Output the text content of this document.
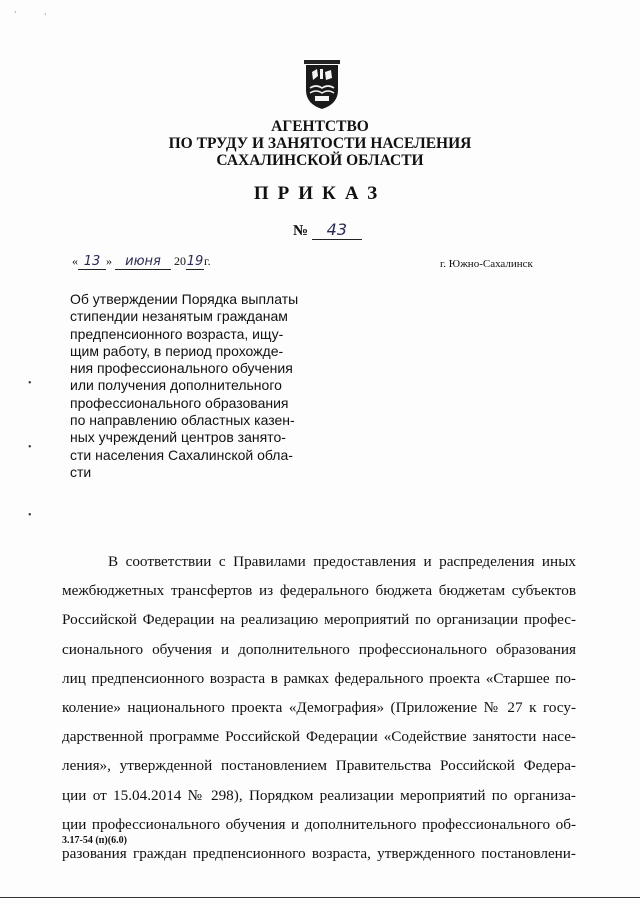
АГЕНТСТВО
ПО ТРУДУ И ЗАНЯТОСТИ НАСЕЛЕНИЯ
САХАЛИНСКОЙ ОБЛАСТИ
ПРИКАЗ
№ 43
« 13 » июня 2019г.	г. Южно-Сахалинск
Об утверждении Порядка выплаты
стипендии незанятым гражданам
предпенсионного возраста, ищу-
щим работу, в период прохожде-
ния профессионального обучения
или получения дополнительного
профессионального образования
по направлению областных казен-
ных учреждений центров занято-
сти населения Сахалинской обла-
сти
·	·
•
•
•
В соответствии с Правилами предоставления и распределения иных
межбюджетных трансфертов из федерального бюджета бюджетам субъектов
Российской Федерации на реализацию мероприятий по организации профес-
сионального обучения и дополнительного профессионального образования
лиц предпенсионного возраста в рамках федерального проекта «Старшее по-
коление» национального проекта «Демография» (Приложение № 27 к госу-
дарственной программе Российской Федерации «Содействие занятости насе-
ления», утвержденной постановлением Правительства Российской Федера-
ции от 15.04.2014 № 298), Порядком реализации мероприятий по организа-
ции профессионального обучения и дополнительного профессионального об-
разования граждан предпенсионного возраста, утвержденного постановлени-
3.17-54 (п)(6.0)
